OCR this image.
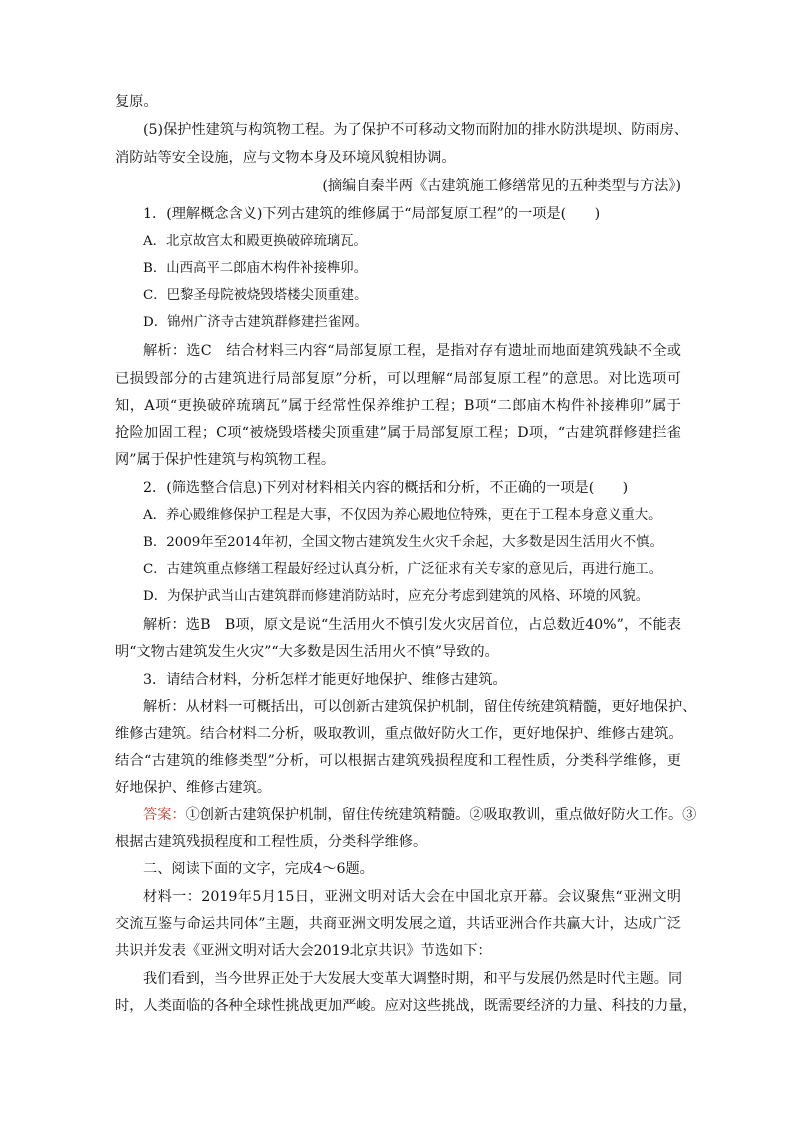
复原。
(5)保护性建筑与构筑物工程。为了保护不可移动文物而附加的排水防洪堤坝、防雨房、
消防站等安全设施，应与文物本身及环境风貌相协调。
(摘编自秦半两《古建筑施工修缮常见的五种类型与方法》)
1．(理解概念含义)下列古建筑的维修属于“局部复原工程”的一项是(　　)
A．北京故宫太和殿更换破碎琉璃瓦。
B．山西高平二郎庙木构件补接榫卯。
C．巴黎圣母院被烧毁塔楼尖顶重建。
D．锦州广济寺古建筑群修建拦雀网。
解析：选C　结合材料三内容“局部复原工程，是指对存有遗址而地面建筑残缺不全或
已损毁部分的古建筑进行局部复原”分析，可以理解“局部复原工程”的意思。对比选项可
知，A项“更换破碎琉璃瓦”属于经常性保养维护工程；B项“二郎庙木构件补接榫卯”属于
抢险加固工程；C项“被烧毁塔楼尖顶重建”属于局部复原工程；D项，“古建筑群修建拦雀
网”属于保护性建筑与构筑物工程。
2．(筛选整合信息)下列对材料相关内容的概括和分析，不正确的一项是(　　)
A．养心殿维修保护工程是大事，不仅因为养心殿地位特殊，更在于工程本身意义重大。
B．2009年至2014年初，全国文物古建筑发生火灾千余起，大多数是因生活用火不慎。
C．古建筑重点修缮工程最好经过认真分析，广泛征求有关专家的意见后，再进行施工。
D．为保护武当山古建筑群而修建消防站时，应充分考虑到建筑的风格、环境的风貌。
解析：选B　B项，原文是说“生活用火不慎引发火灾居首位，占总数近40%”，不能表
明“文物古建筑发生火灾”“大多数是因生活用火不慎”导致的。
3．请结合材料，分析怎样才能更好地保护、维修古建筑。
解析：从材料一可概括出，可以创新古建筑保护机制，留住传统建筑精髓，更好地保护、
维修古建筑。结合材料二分析，吸取教训，重点做好防火工作，更好地保护、维修古建筑。
结合“古建筑的维修类型”分析，可以根据古建筑残损程度和工程性质，分类科学维修，更
好地保护、维修古建筑。
答案：①创新古建筑保护机制，留住传统建筑精髓。②吸取教训，重点做好防火工作。③
根据古建筑残损程度和工程性质，分类科学维修。
二、阅读下面的文字，完成4～6题。
材料一：2019年5月15日，亚洲文明对话大会在中国北京开幕。会议聚焦“亚洲文明
交流互鉴与命运共同体”主题，共商亚洲文明发展之道，共话亚洲合作共赢大计，达成广泛
共识并发表《亚洲文明对话大会2019北京共识》节选如下：
我们看到，当今世界正处于大发展大变革大调整时期，和平与发展仍然是时代主题。同
时，人类面临的各种全球性挑战更加严峻。应对这些挑战，既需要经济的力量、科技的力量，
